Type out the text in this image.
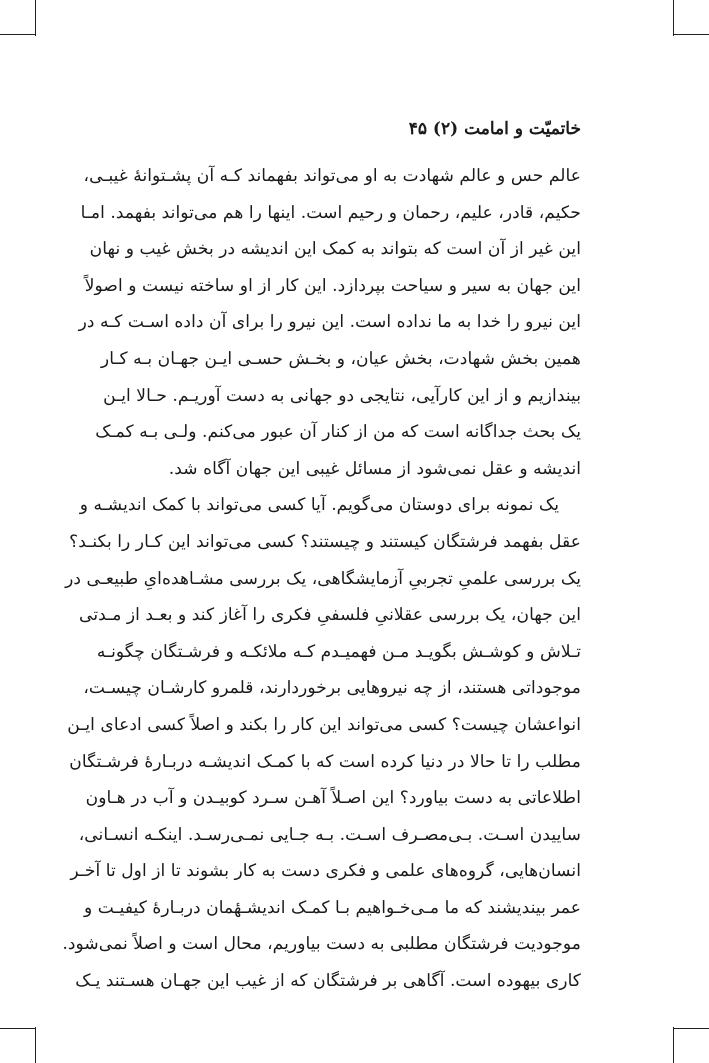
خاتمیّت و امامت (۲) ۴۵
عالم حس و عالم شهادت به او می‌تواند بفهماند کـه آن پشـتوانهٔ غیبـی،
حکیم، قادر، علیم، رحمان و رحیم است. اینها را هم می‌تواند بفهمد. امـا
این غیر از آن است که بتواند به کمک این اندیشه در بخش غیب و نهان
این جهان به سیر و سیاحت بپردازد. این کار از او ساخته نیست و اصولاً
این نیرو را خدا به ما نداده است. این نیرو را برای آن داده اسـت کـه در
همین بخش شهادت، بخش عیان، و بخـش حسـی ایـن جهـان بـه کـار
بیندازیم و از این کارآیی، نتایجی دو جهانی به دست آوریـم. حـالا ایـن
یک بحث جداگانه است که من از کنار آن عبور می‌کنم. ولـی بـه کمـک
اندیشه و عقل نمی‌شود از مسائل غیبی این جهان آگاه شد.
یک نمونه برای دوستان می‌گویم. آیا کسی می‌تواند با کمک اندیشـه و
عقل بفهمد فرشتگان کیستند و چیستند؟ کسی می‌تواند این کـار را بکنـد؟
یک بررسی علمیِ تجربیِ آزمایشگاهی، یک بررسی مشـاهده‌ایِ طبیعـی در
این جهان، یک بررسی عقلانیِ فلسفیِ فکری را آغاز کند و بعـد از مـدتی
تـلاش و کوشـش بگویـد مـن فهمیـدم کـه ملائکـه و فرشـتگان چگونـه
موجوداتی هستند، از چه نیروهایی برخوردارند، قلمرو کارشـان چیسـت،
انواعشان چیست؟ کسی می‌تواند این کار را بکند و اصلاً کسی ادعای ایـن
مطلب را تا حالا در دنیا کرده است که با کمـک اندیشـه دربـارهٔ فرشـتگان
اطلاعاتی به دست بیاورد؟ این اصـلاً آهـن سـرد کوبیـدن و آب در هـاون
ساییدن اسـت. بـی‌مصـرف اسـت. بـه جـایی نمـی‌رسـد. اینکـه انسـانی،
انسان‌هایی، گروه‌های علمی و فکری دست به کار بشوند تا از اول تا آخـر
عمر بیندیشند که ما مـی‌خـواهیم بـا کمـک اندیشـهٔمان دربـارهٔ کیفیـت و
موجودیت فرشتگان مطلبی به دست بیاوریم، محال است و اصلاً نمی‌شود.
کاری بیهوده است. آگاهی بر فرشتگان که از غیب این جهـان هسـتند یـک
